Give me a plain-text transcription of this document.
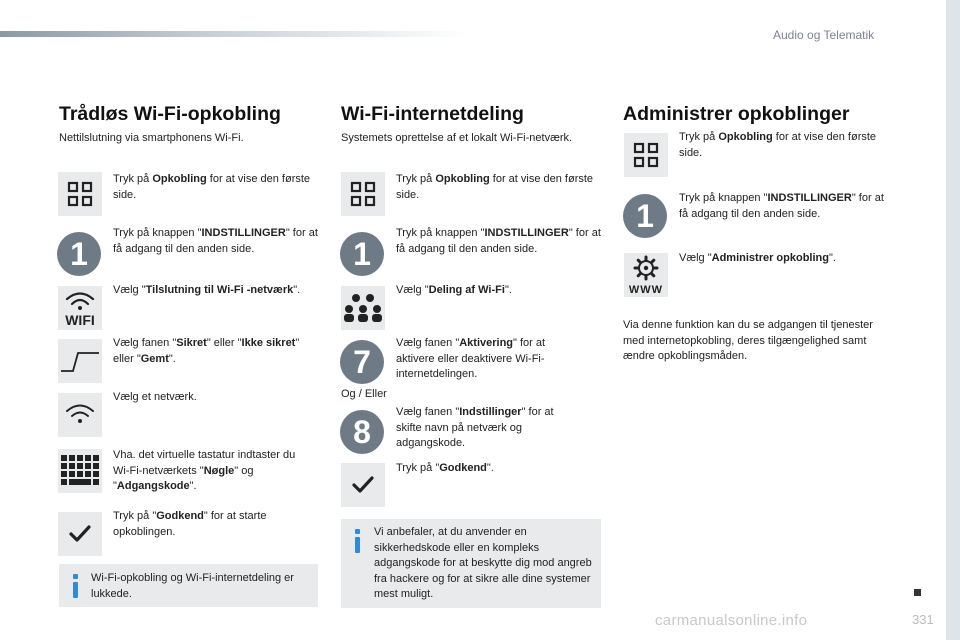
Audio og Telematik
Trådløs Wi-Fi-opkobling
Nettilslutning via smartphonens Wi-Fi.
Tryk på Opkobling for at vise den første side.
1
Tryk på knappen "INDSTILLINGER" for at få adgang til den anden side.
WIFI
Vælg "Tilslutning til Wi-Fi -netværk".
Vælg fanen "Sikret" eller "Ikke sikret" eller "Gemt".
Vælg et netværk.
Vha. det virtuelle tastatur indtaster du Wi-Fi-netværkets "Nøgle" og "Adgangskode".
Tryk på "Godkend" for at starte opkoblingen.
Wi-Fi-opkobling og Wi-Fi-internetdeling er lukkede.
Wi-Fi-internetdeling
Systemets oprettelse af et lokalt Wi-Fi-netværk.
Tryk på Opkobling for at vise den første side.
1
Tryk på knappen "INDSTILLINGER" for at få adgang til den anden side.
Vælg "Deling af Wi-Fi".
7
Vælg fanen "Aktivering" for at aktivere eller deaktivere Wi-Fi-internetdelingen.
Og / Eller
8
Vælg fanen "Indstillinger" for at skifte navn på netværk og adgangskode.
Tryk på "Godkend".
Vi anbefaler, at du anvender en sikkerhedskode eller en kompleks adgangskode for at beskytte dig mod angreb fra hackere og for at sikre alle dine systemer mest muligt.
Administrer opkoblinger
Tryk på Opkobling for at vise den første side.
1	Tryk på knappen "INDSTILLINGER" for at få adgang til den anden side.
WWW
Vælg "Administrer opkobling".
Via denne funktion kan du se adgangen til tjenester med internetopkobling, deres tilgængelighed samt ændre opkoblingsmåden.
carmanualsonline.info	331
